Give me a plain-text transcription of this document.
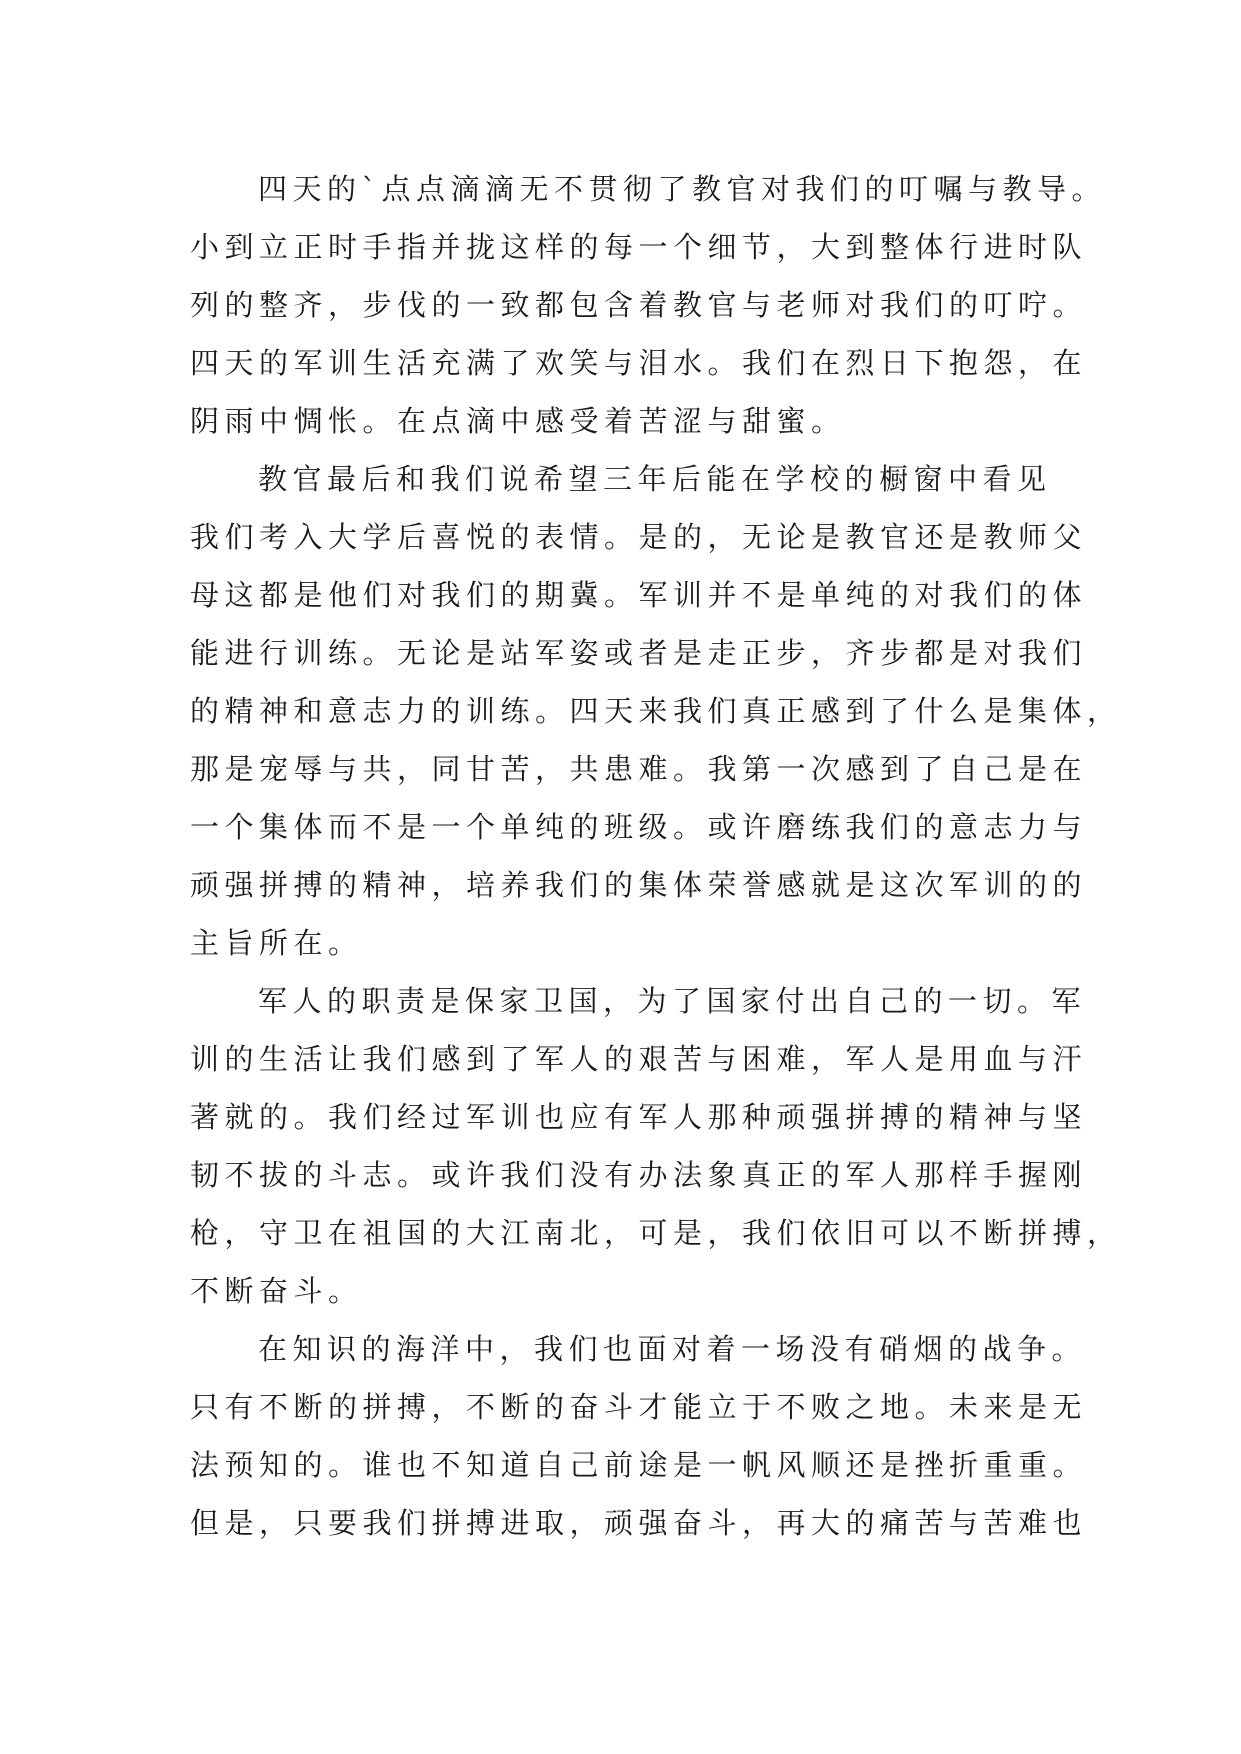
四天的`点点滴滴无不贯彻了教官对我们的叮嘱与教导。
小到立正时手指并拢这样的每一个细节，大到整体行进时队
列的整齐，步伐的一致都包含着教官与老师对我们的叮咛。
四天的军训生活充满了欢笑与泪水。我们在烈日下抱怨，在
阴雨中惆怅。在点滴中感受着苦涩与甜蜜。
教官最后和我们说希望三年后能在学校的橱窗中看见
我们考入大学后喜悦的表情。是的，无论是教官还是教师父
母这都是他们对我们的期冀。军训并不是单纯的对我们的体
能进行训练。无论是站军姿或者是走正步，齐步都是对我们
的精神和意志力的训练。四天来我们真正感到了什么是集体，
那是宠辱与共，同甘苦，共患难。我第一次感到了自己是在
一个集体而不是一个单纯的班级。或许磨练我们的意志力与
顽强拼搏的精神，培养我们的集体荣誉感就是这次军训的的
主旨所在。
军人的职责是保家卫国，为了国家付出自己的一切。军
训的生活让我们感到了军人的艰苦与困难，军人是用血与汗
著就的。我们经过军训也应有军人那种顽强拼搏的精神与坚
韧不拔的斗志。或许我们没有办法象真正的军人那样手握刚
枪，守卫在祖国的大江南北，可是，我们依旧可以不断拼搏，
不断奋斗。
在知识的海洋中，我们也面对着一场没有硝烟的战争。
只有不断的拼搏，不断的奋斗才能立于不败之地。未来是无
法预知的。谁也不知道自己前途是一帆风顺还是挫折重重。
但是，只要我们拼搏进取，顽强奋斗，再大的痛苦与苦难也
